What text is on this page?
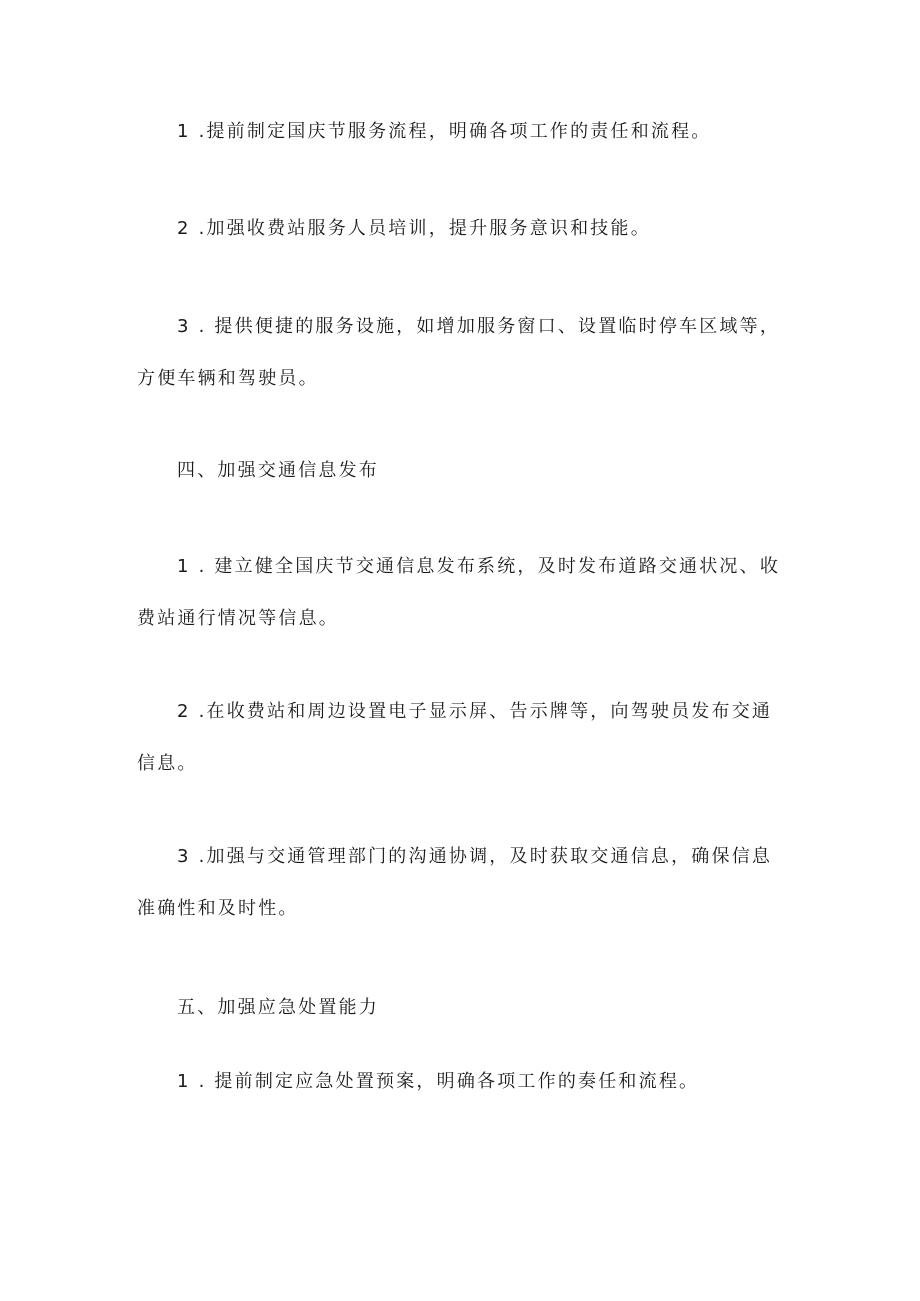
1 .提前制定国庆节服务流程，明确各项工作的责任和流程。

2 .加强收费站服务人员培训，提升服务意识和技能。

3 . 提供便捷的服务设施，如增加服务窗口、设置临时停车区域等，方便车辆和驾驶员。

四、加强交通信息发布

1 . 建立健全国庆节交通信息发布系统，及时发布道路交通状况、收费站通行情况等信息。

2 .在收费站和周边设置电子显示屏、告示牌等，向驾驶员发布交通信息。

3 .加强与交通管理部门的沟通协调，及时获取交通信息，确保信息准确性和及时性。

五、加强应急处置能力

1 . 提前制定应急处置预案，明确各项工作的奏任和流程。
